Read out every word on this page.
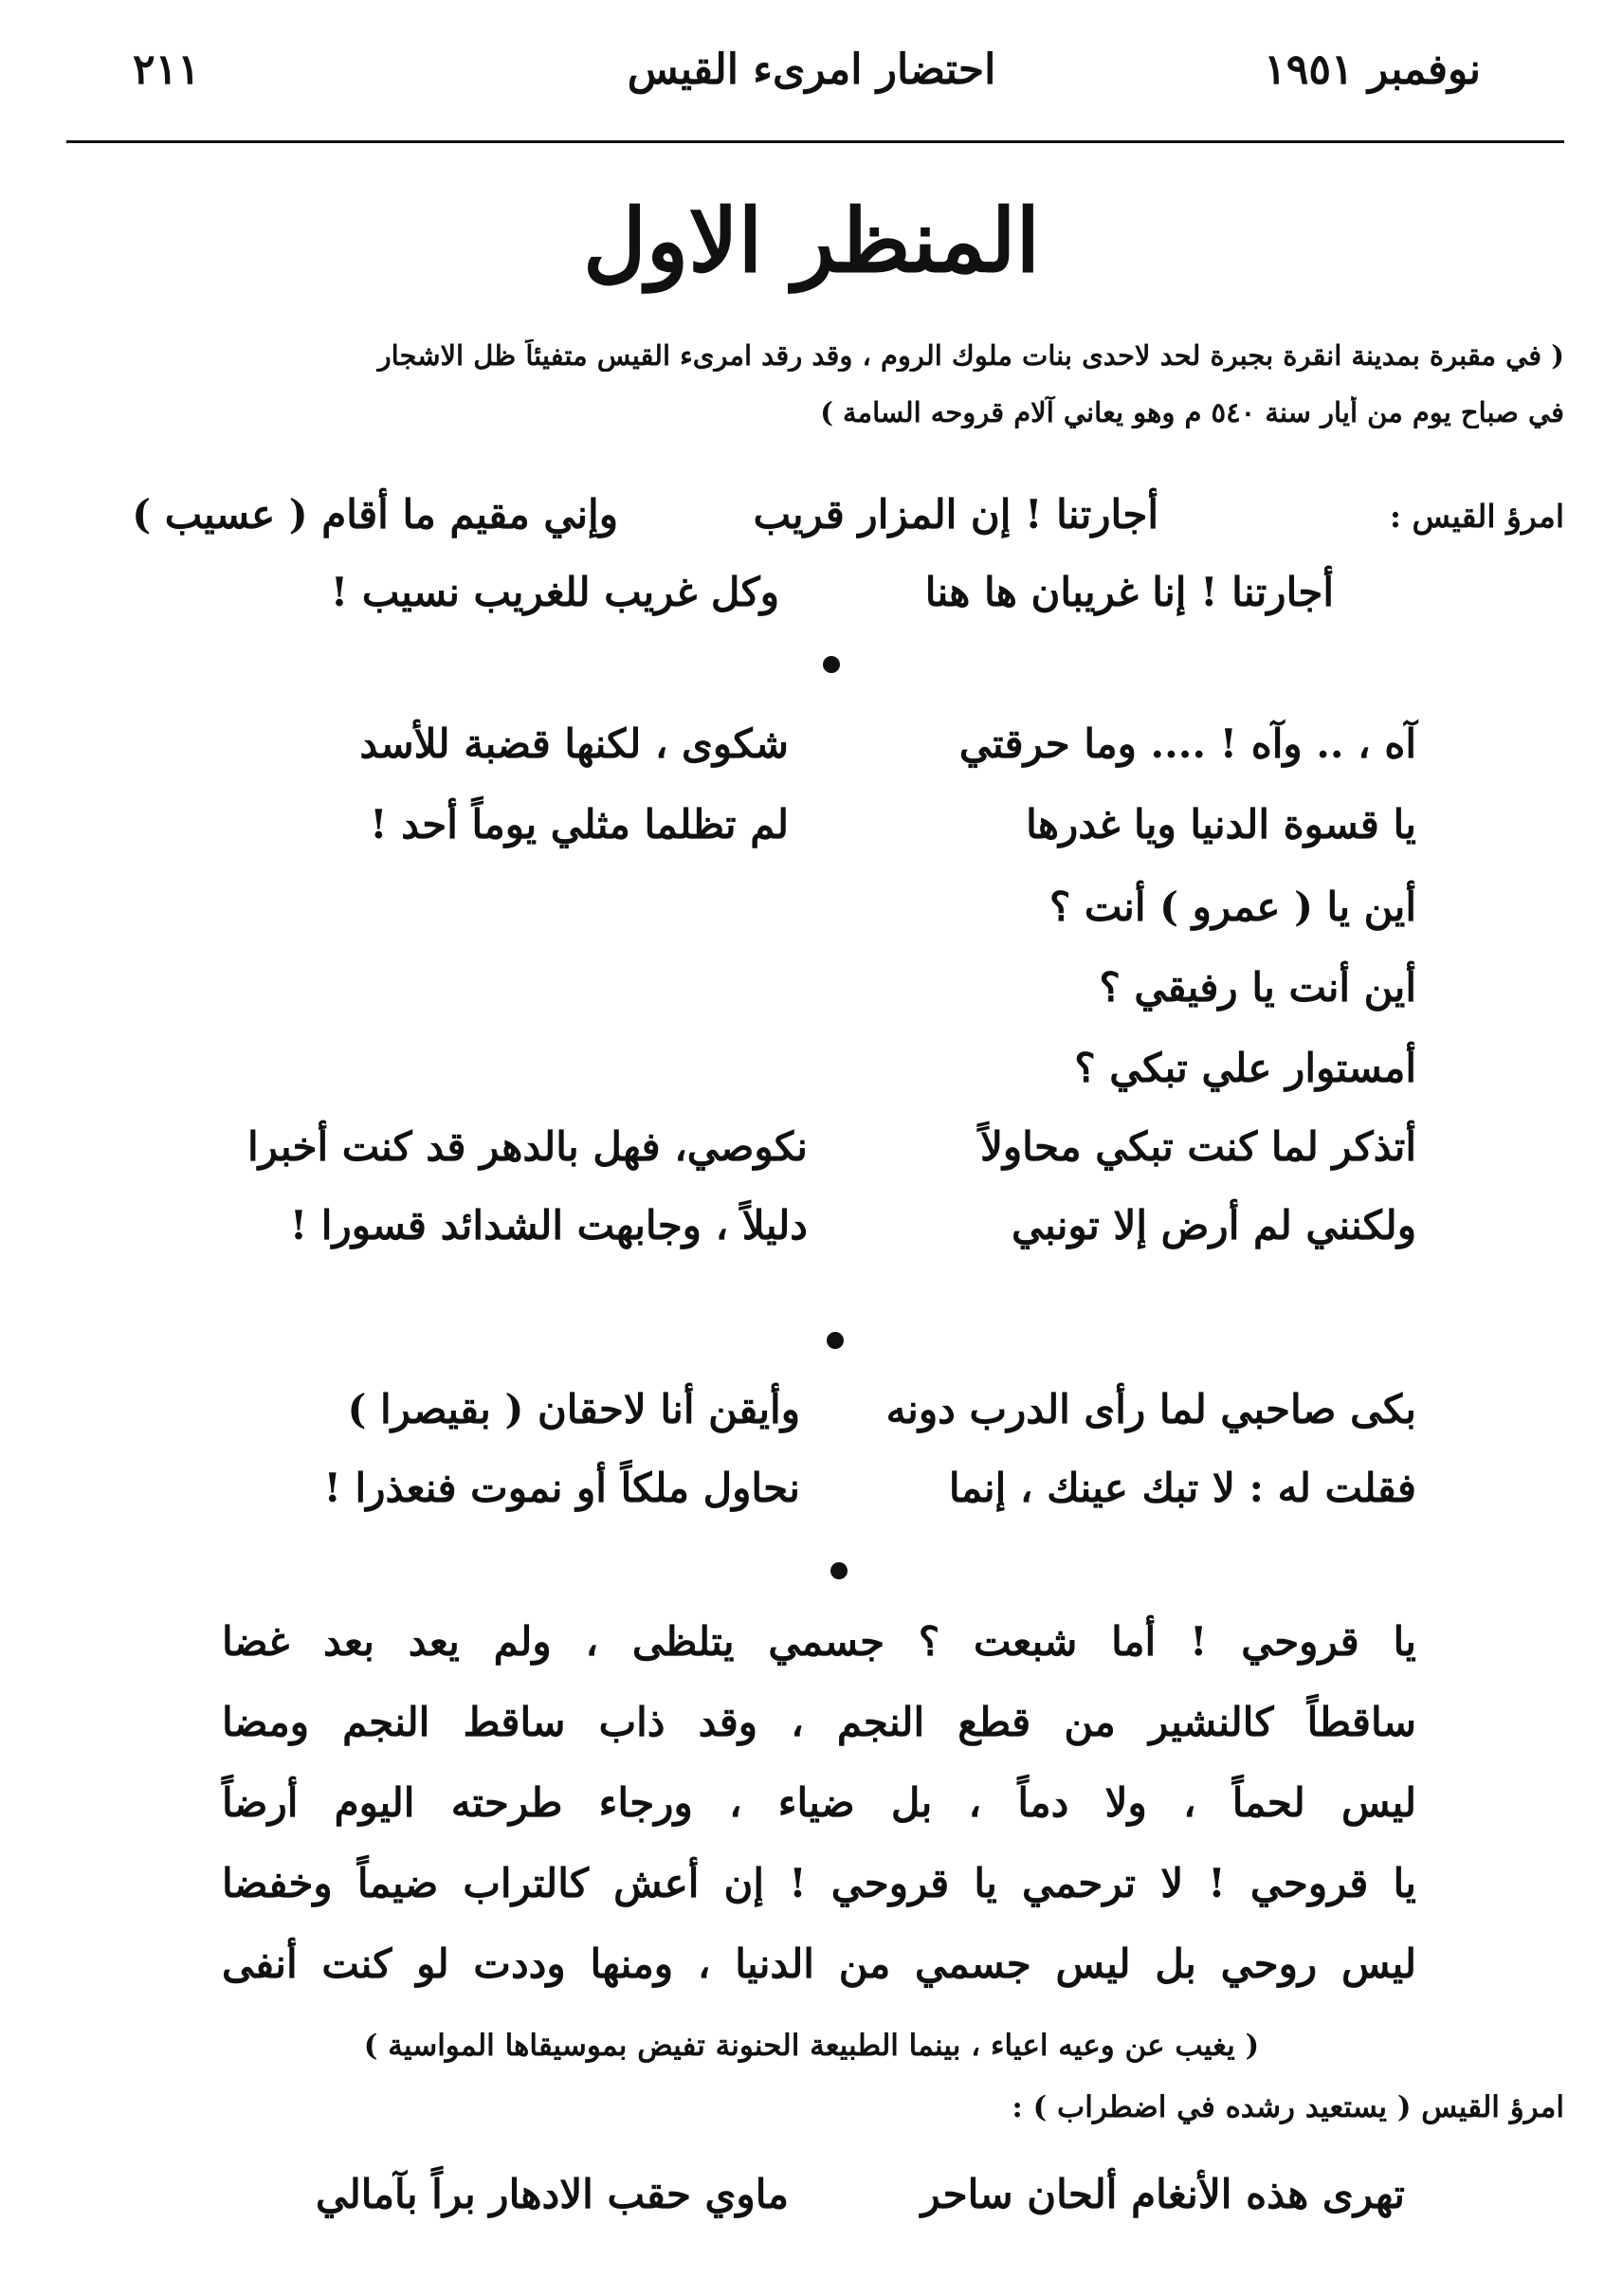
نوفمبر ١٩٥١
احتضار امرىء القيس
٢١١
المنظر الاول
( في مقبرة بمدينة انقرة بجبرة لحد لاحدى بنات ملوك الروم ، وقد رقد امرىء القيس متفيئاً ظل الاشجار
في صباح يوم من أيار سنة ٥٤٠ م وهو يعاني آلام قروحه السامة )
امرؤ القيس :
أجارتنا ! إن المزار قريب
وإني مقيم ما أقام ( عسيب )
أجارتنا ! إنا غريبان ها هنا
وكل غريب للغريب نسيب !
آه ، .. وآه ! .... وما حرقتي
شكوى ، لكنها قضبة للأسد
يا قسوة الدنيا ويا غدرها
لم تظلما مثلي يوماً أحد !
أين يا ( عمرو ) أنت ؟
أين أنت يا رفيقي ؟
أمستوار علي تبكي ؟
أتذكر لما كنت تبكي محاولاً
نكوصي، فهل بالدهر قد كنت أخبرا
ولكنني لم أرض إلا تونبي
دليلاً ، وجابهت الشدائد قسورا !
بكى صاحبي لما رأى الدرب دونه
وأيقن أنا لاحقان ( بقيصرا )
فقلت له : لا تبك عينك ، إنما
نحاول ملكاً أو نموت فنعذرا !
يا قروحي ! أما شبعت ؟ جسمي يتلظى ، ولم يعد بعد غضا
ساقطاً كالنشير من قطع النجم ، وقد ذاب ساقط النجم ومضا
ليس لحماً ، ولا دماً ، بل ضياء ، ورجاء طرحته اليوم أرضاً
يا قروحي ! لا ترحمي يا قروحي ! إن أعش كالتراب ضيماً وخفضا
ليس روحي بل ليس جسمي من الدنيا ، ومنها وددت لو كنت أنفى
( يغيب عن وعيه اعياء ، بينما الطبيعة الحنونة تفيض بموسيقاها المواسية )
امرؤ القيس ( يستعيد رشده في اضطراب ) :
تهرى هذه الأنغام ألحان ساحر
ماوي حقب الادهار براً بآمالي
